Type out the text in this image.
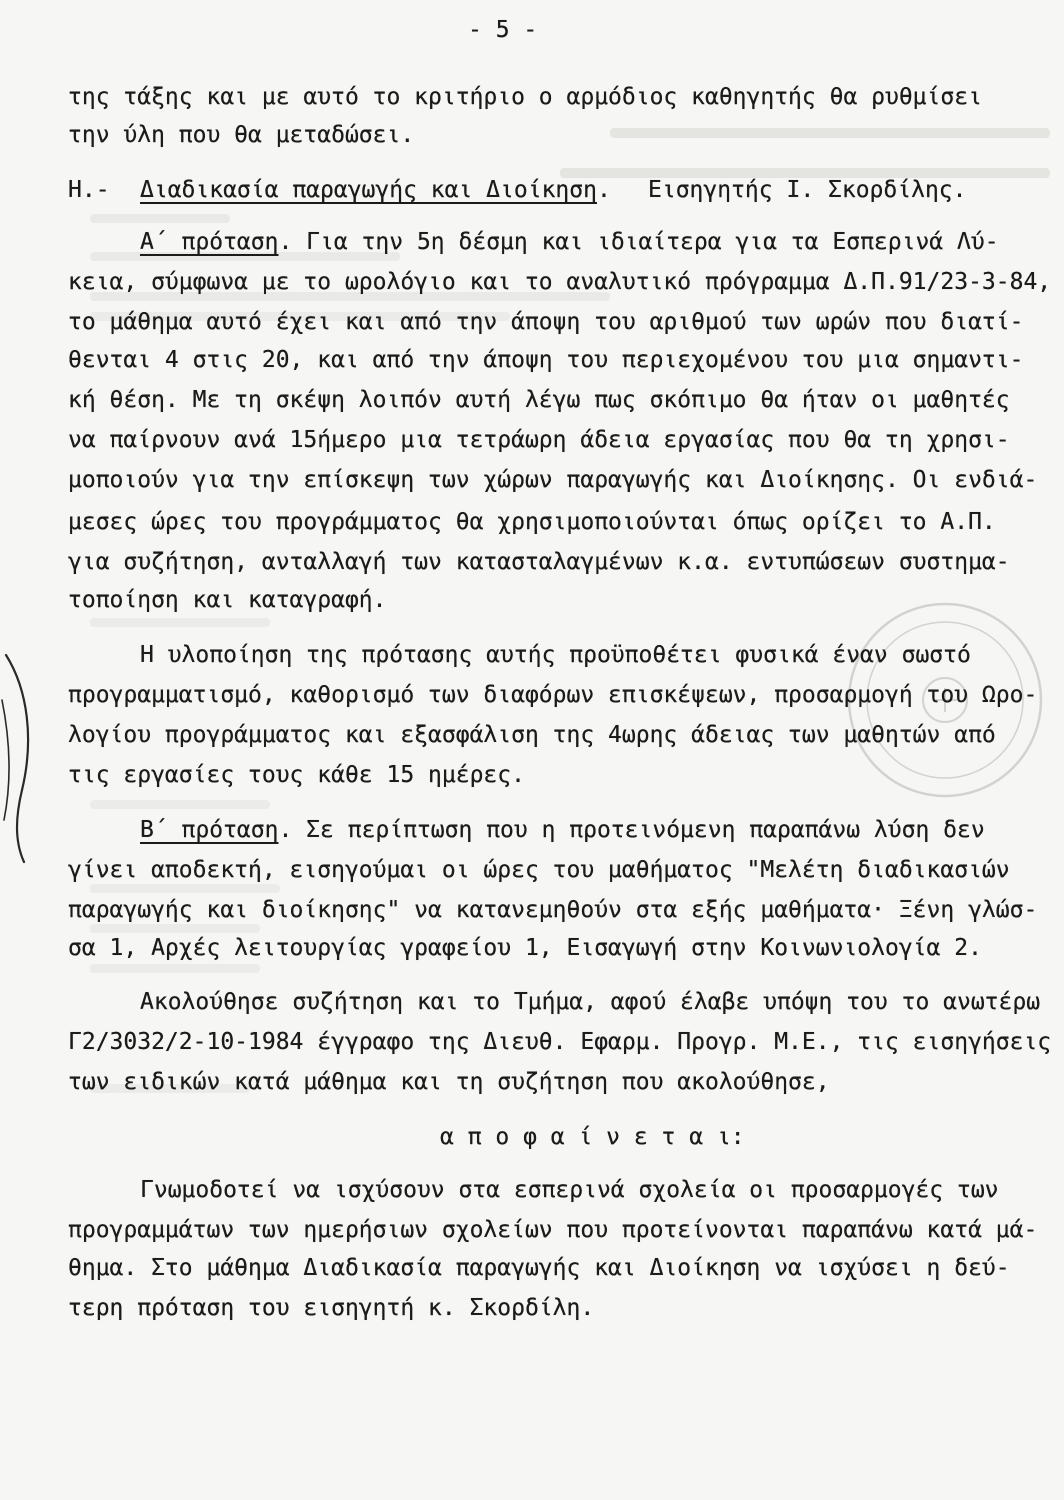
- 5 -
της τάξης και με αυτό το κριτήριο ο αρμόδιος καθηγητής θα ρυθμίσει
την ύλη που θα μεταδώσει.
Η.- Διαδικασία παραγωγής και Διοίκηση. Εισηγητής Ι. Σκορδίλης.
Α΄ πρόταση. Για την 5η δέσμη και ιδιαίτερα για τα Εσπερινά Λύ-
κεια, σύμφωνα με το ωρολόγιο και το αναλυτικό πρόγραμμα Δ.Π.91/23-3-84,
το μάθημα αυτό έχει και από την άποψη του αριθμού των ωρών που διατί-
θενται 4 στις 20, και από την άποψη του περιεχομένου του μια σημαντι-
κή θέση. Με τη σκέψη λοιπόν αυτή λέγω πως σκόπιμο θα ήταν οι μαθητές
να παίρνουν ανά 15ήμερο μια τετράωρη άδεια εργασίας που θα τη χρησι-
μοποιούν για την επίσκεψη των χώρων παραγωγής και Διοίκησης. Οι ενδιά-
μεσες ώρες του προγράμματος θα χρησιμοποιούνται όπως ορίζει το Α.Π.
για συζήτηση, ανταλλαγή των κατασταλαγμένων κ.α. εντυπώσεων συστημα-
τοποίηση και καταγραφή.
Η υλοποίηση της πρότασης αυτής προϋποθέτει φυσικά έναν σωστό
προγραμματισμό, καθορισμό των διαφόρων επισκέψεων, προσαρμογή του Ωρο-
λογίου προγράμματος και εξασφάλιση της 4ωρης άδειας των μαθητών από
τις εργασίες τους κάθε 15 ημέρες.
Β΄ πρόταση. Σε περίπτωση που η προτεινόμενη παραπάνω λύση δεν
γίνει αποδεκτή, εισηγούμαι οι ώρες του μαθήματος "Μελέτη διαδικασιών
παραγωγής και διοίκησης" να κατανεμηθούν στα εξής μαθήματα· Ξένη γλώσ-
σα 1, Αρχές λειτουργίας γραφείου 1, Εισαγωγή στην Κοινωνιολογία 2.
Ακολούθησε συζήτηση και το Τμήμα, αφού έλαβε υπόψη του το ανωτέρω
Γ2/3032/2-10-1984 έγγραφο της Διευθ. Εφαρμ. Προγρ. Μ.Ε., τις εισηγήσεις
των ειδικών κατά μάθημα και τη συζήτηση που ακολούθησε,
α π ο φ α ί ν ε τ α ι:
Γνωμοδοτεί να ισχύσουν στα εσπερινά σχολεία οι προσαρμογές των
προγραμμάτων των ημερήσιων σχολείων που προτείνονται παραπάνω κατά μά-
θημα. Στο μάθημα Διαδικασία παραγωγής και Διοίκηση να ισχύσει η δεύ-
τερη πρόταση του εισηγητή κ. Σκορδίλη.
